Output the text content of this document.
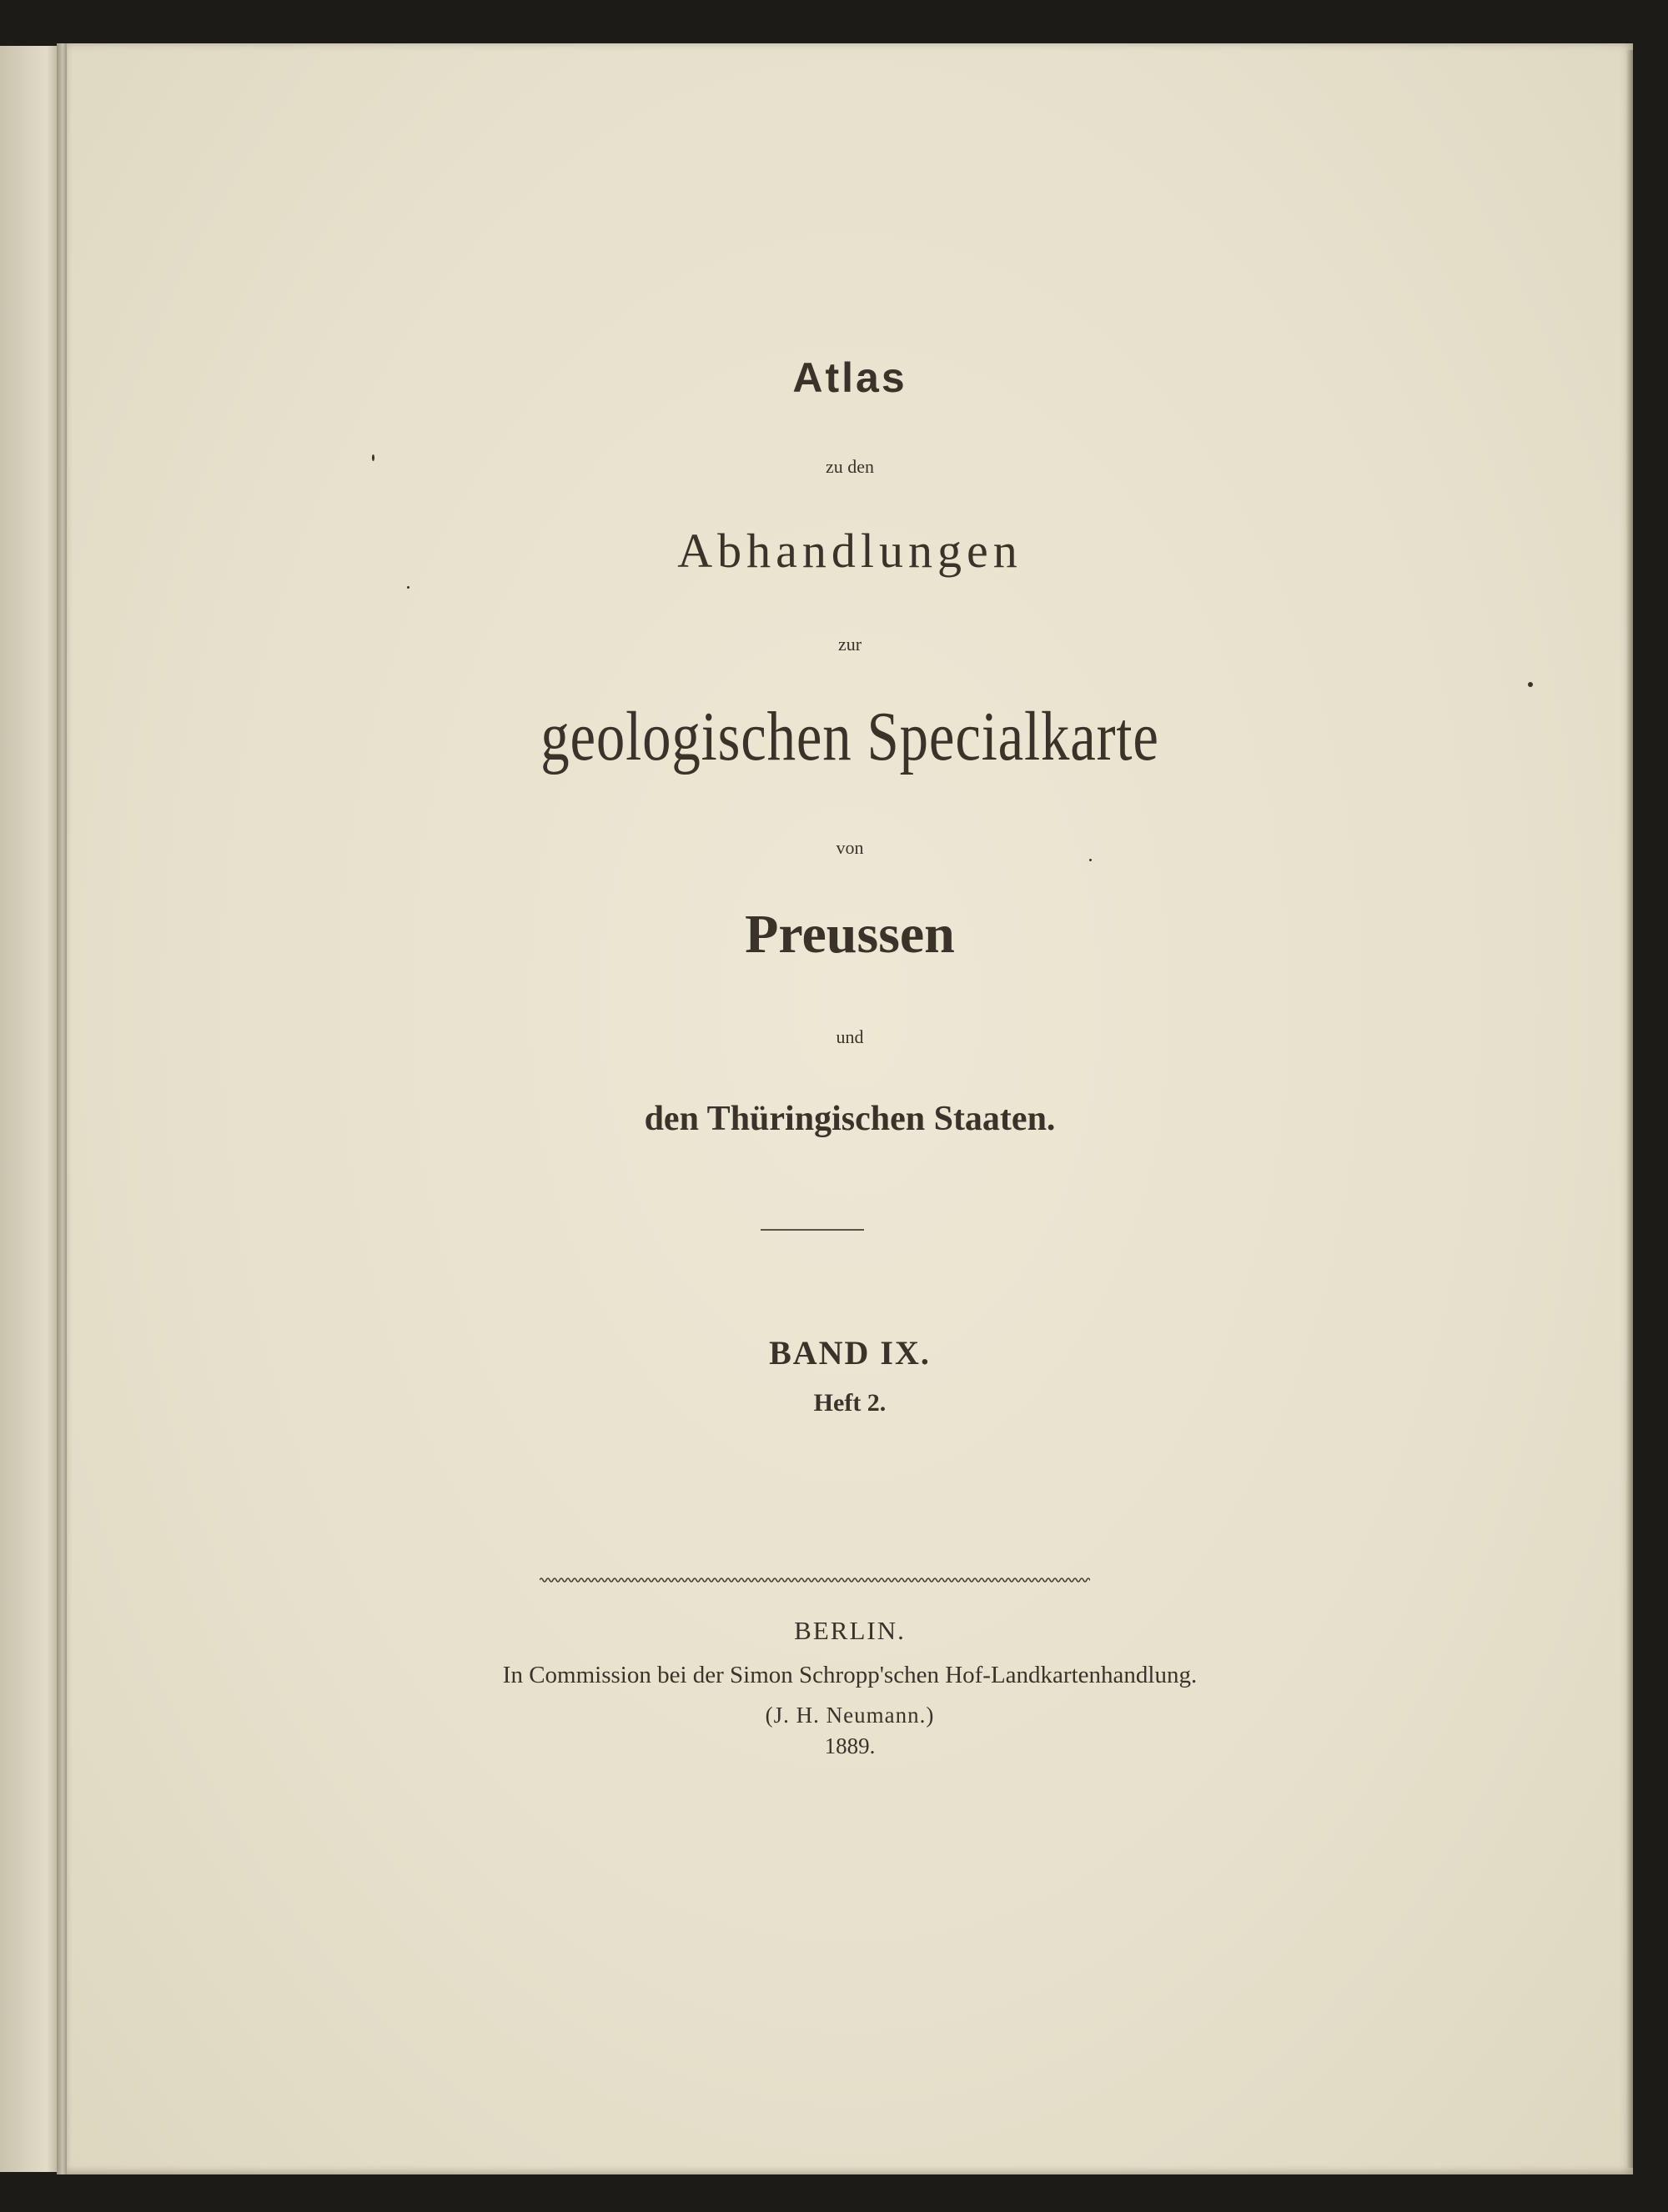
Atlas

zu den

Abhandlungen

zur

geologischen Specialkarte

von

Preussen

und

den Thüringischen Staaten.

BAND IX.

Heft 2.

BERLIN.

In Commission bei der Simon Schropp'schen Hof-Landkartenhandlung.

(J. H. Neumann.)

1889.
